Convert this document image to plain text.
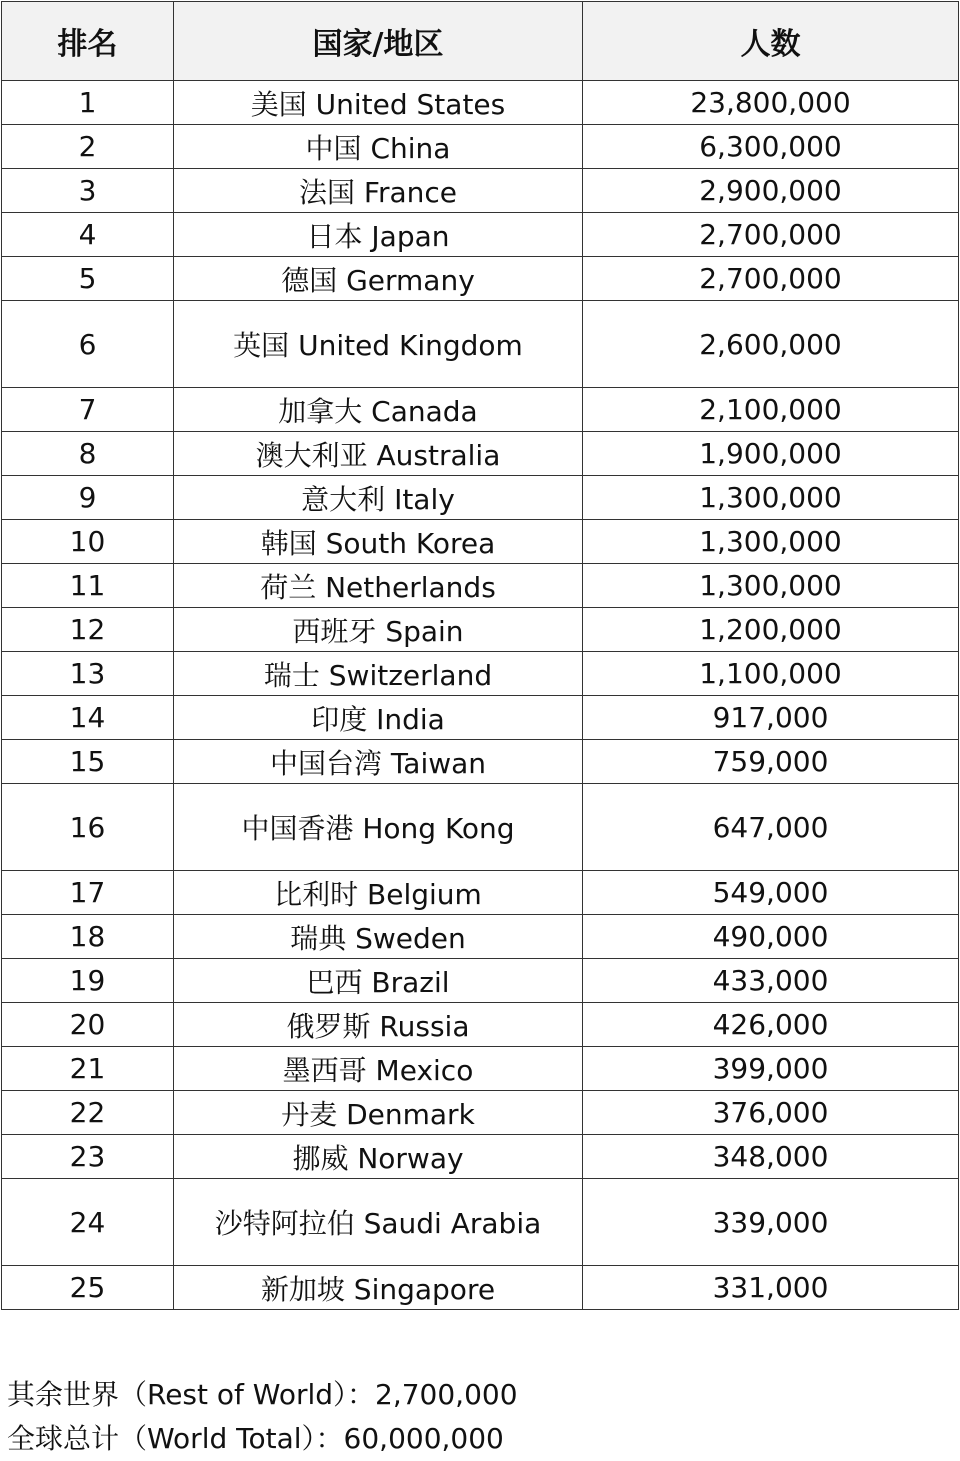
排名	国家/地区	人数
1	美国 United States	23,800,000
2	中国 China	6,300,000
3	法国 France	2,900,000
4	日本 Japan	2,700,000
5	德国 Germany	2,700,000
6	英国 United Kingdom	2,600,000
7	加拿大 Canada	2,100,000
8	澳大利亚 Australia	1,900,000
9	意大利 Italy	1,300,000
10	韩国 South Korea	1,300,000
11	荷兰 Netherlands	1,300,000
12	西班牙 Spain	1,200,000
13	瑞士 Switzerland	1,100,000
14	印度 India	917,000
15	中国台湾 Taiwan	759,000
16	中国香港 Hong Kong	647,000
17	比利时 Belgium	549,000
18	瑞典 Sweden	490,000
19	巴西 Brazil	433,000
20	俄罗斯 Russia	426,000
21	墨西哥 Mexico	399,000
22	丹麦 Denmark	376,000
23	挪威 Norway	348,000
24	沙特阿拉伯 Saudi Arabia	339,000
25	新加坡 Singapore	331,000
其余世界（Rest of World）：2,700,000
全球总计（World Total）：60,000,000
